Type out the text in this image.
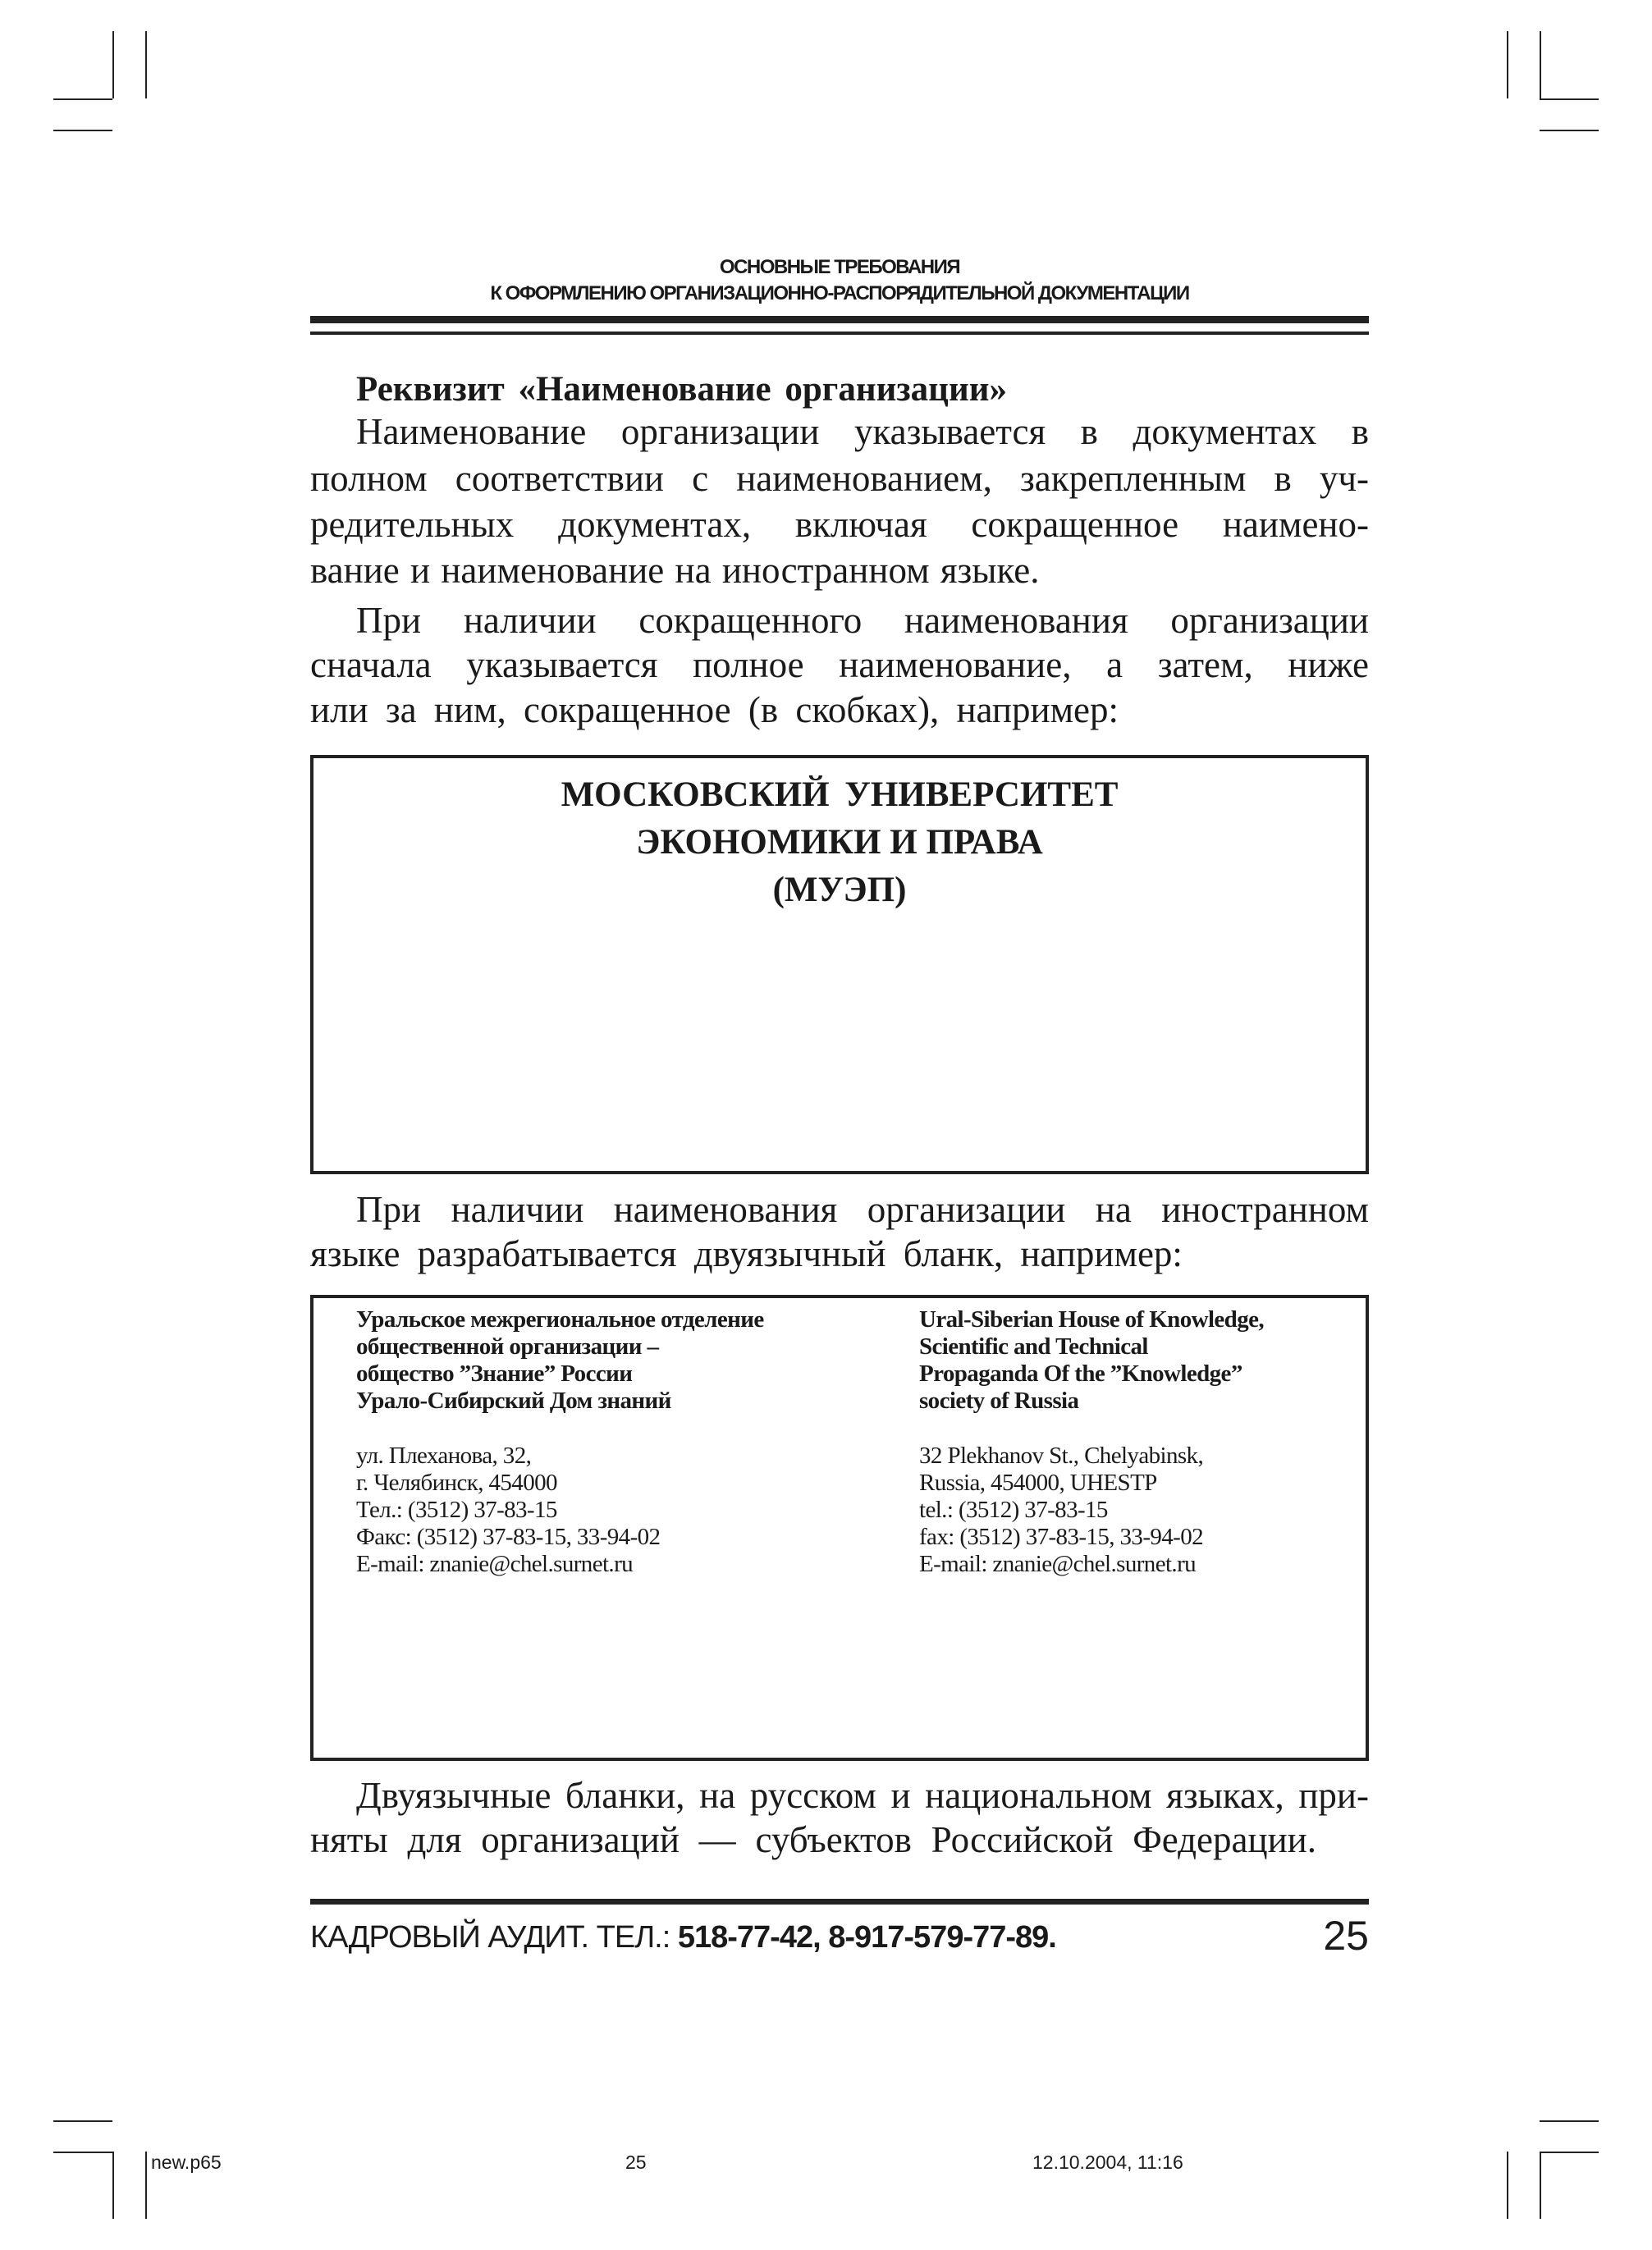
ОСНОВНЫЕ ТРЕБОВАНИЯ
К ОФОРМЛЕНИЮ ОРГАНИЗАЦИОННО-РАСПОРЯДИТЕЛЬНОЙ ДОКУМЕНТАЦИИ
Реквизит «Наименование организации»
Наименование организации указывается в документах в
полном соответствии с наименованием, закрепленным в уч-
редительных документах, включая сокращенное наимено-
вание и наименование на иностранном языке.
При наличии сокращенного наименования организации
сначала указывается полное наименование, а затем, ниже
или за ним, сокращенное (в скобках), например:
МОСКОВСКИЙ УНИВЕРСИТЕТ
ЭКОНОМИКИ И ПРАВА
(МУЭП)
При наличии наименования организации на иностранном
языке разрабатывается двуязычный бланк, например:
Уральское межрегиональное отделение
общественной организации –
общество ”Знание” России
Урало-Сибирский Дом знаний
ул. Плеханова, 32,
г. Челябинск, 454000
Тел.: (3512) 37-83-15
Факс: (3512) 37-83-15, 33-94-02
E-mail: znanie@chel.surnet.ru
Ural-Siberian House of Knowledge,
Scientific and Technical
Propaganda Of the ”Knowledge”
society of Russia
32 Plekhanov St., Chelyabinsk,
Russia, 454000, UHESTP
tel.: (3512) 37-83-15
fax: (3512) 37-83-15, 33-94-02
E-mail: znanie@chel.surnet.ru
Двуязычные бланки, на русском и национальном языках, при-
няты для организаций — субъектов Российской Федерации.
КАДРОВЫЙ АУДИТ. ТЕЛ.: 518-77-42, 8-917-579-77-89.	25
new.p65	25	12.10.2004, 11:16
